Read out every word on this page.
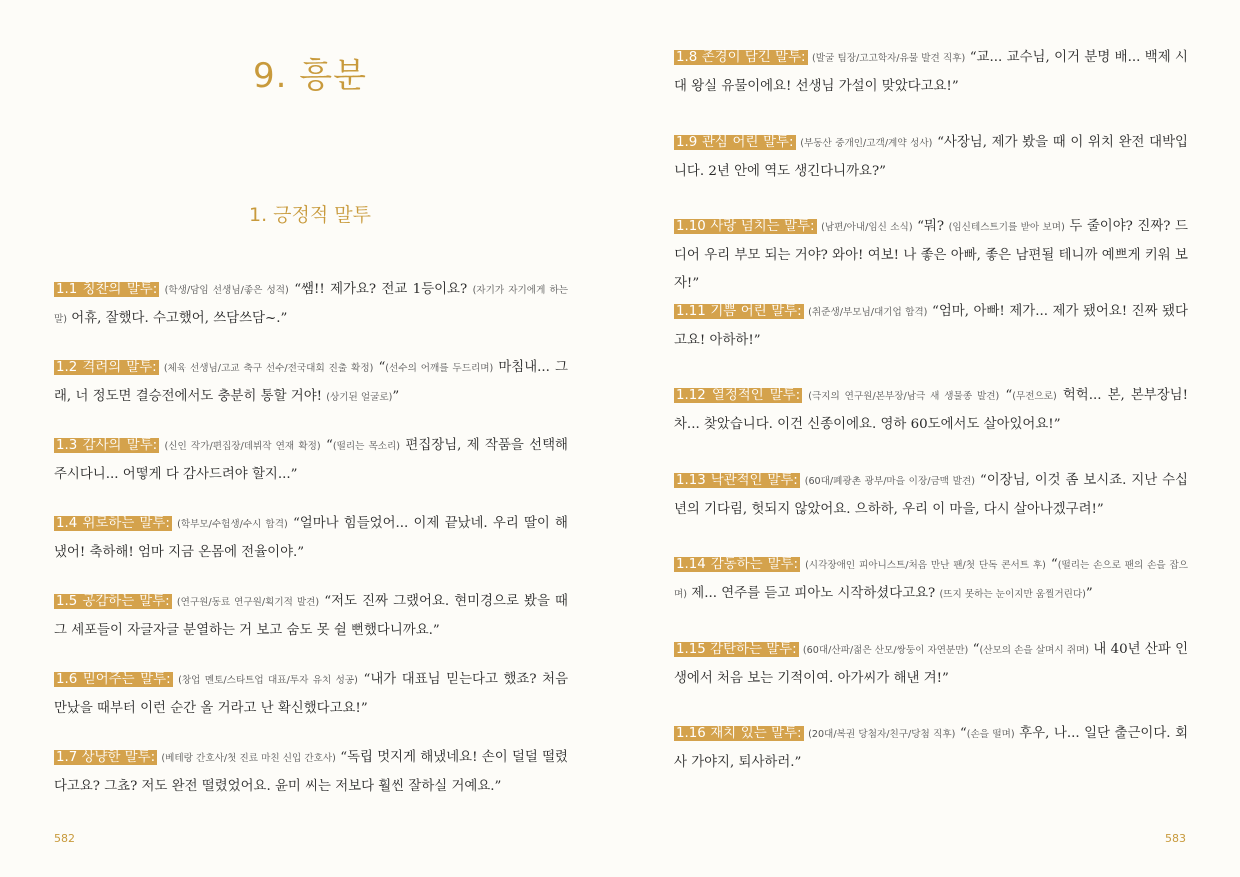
9. 흥분
1. 긍정적 말투
1.1 칭찬의 말투: (학생/담임 선생님/좋은 성적) “쌤!! 제가요? 전교 1등이요? (자기가 자기에게 하는 말) 어휴, 잘했다. 수고했어, 쓰담쓰담~.”
1.2 격려의 말투: (체육 선생님/고교 축구 선수/전국대회 진출 확정) “(선수의 어깨를 두드리며) 마침내... 그래, 너 정도면 결승전에서도 충분히 통할 거야! (상기된 얼굴로)”
1.3 감사의 말투: (신인 작가/편집장/데뷔작 연재 확정) “(떨리는 목소리) 편집장님, 제 작품을 선택해 주시다니... 어떻게 다 감사드려야 할지...”
1.4 위로하는 말투: (학부모/수험생/수시 합격) “얼마나 힘들었어... 이제 끝났네. 우리 딸이 해냈어! 축하해! 엄마 지금 온몸에 전율이야.”
1.5 공감하는 말투: (연구원/동료 연구원/획기적 발견) “저도 진짜 그랬어요. 현미경으로 봤을 때 그 세포들이 자글자글 분열하는 거 보고 숨도 못 쉴 뻔했다니까요.”
1.6 믿어주는 말투: (창업 멘토/스타트업 대표/투자 유치 성공) “내가 대표님 믿는다고 했죠? 처음 만났을 때부터 이런 순간 올 거라고 난 확신했다고요!”
1.7 상냥한 말투: (베테랑 간호사/첫 진료 마친 신입 간호사) “독립 멋지게 해냈네요! 손이 덜덜 떨렸다고요? 그쵸? 저도 완전 떨렸었어요. 윤미 씨는 저보다 훨씬 잘하실 거예요.”
582
1.8 존경이 담긴 말투: (발굴 팀장/고고학자/유물 발견 직후) “교... 교수님, 이거 분명 배... 백제 시대 왕실 유물이에요! 선생님 가설이 맞았다고요!”
1.9 관심 어린 말투: (부동산 중개인/고객/계약 성사) “사장님, 제가 봤을 때 이 위치 완전 대박입니다. 2년 안에 역도 생긴다니까요?”
1.10 사랑 넘치는 말투: (남편/아내/임신 소식) “뭐? (임신테스트기를 받아 보며) 두 줄이야? 진짜? 드디어 우리 부모 되는 거야? 와아! 여보! 나 좋은 아빠, 좋은 남편될 테니까 예쁘게 키워 보자!”
1.11 기쁨 어린 말투: (취준생/부모님/대기업 합격) “엄마, 아빠! 제가... 제가 됐어요! 진짜 됐다고요! 아하하!”
1.12 열정적인 말투: (극지의 연구원/본부장/남극 새 생물종 발견) “(무전으로) 헉헉... 본, 본부장님! 차... 찾았습니다. 이건 신종이에요. 영하 60도에서도 살아있어요!”
1.13 낙관적인 말투: (60대/폐광촌 광부/마을 이장/금맥 발견) “이장님, 이것 좀 보시죠. 지난 수십 년의 기다림, 헛되지 않았어요. 으하하, 우리 이 마을, 다시 살아나겠구려!”
1.14 감동하는 말투: (시각장애인 피아니스트/처음 만난 팬/첫 단독 콘서트 후) “(떨리는 손으로 팬의 손을 잡으며) 제... 연주를 듣고 피아노 시작하셨다고요? (뜨지 못하는 눈이지만 움찔거린다)”
1.15 감탄하는 말투: (60대/산파/젊은 산모/쌍둥이 자연분만) “(산모의 손을 살며시 쥐며) 내 40년 산파 인생에서 처음 보는 기적이여. 아가씨가 해낸 겨!”
1.16 재치 있는 말투: (20대/복권 당첨자/친구/당첨 직후) “(손을 떨며) 후우, 나... 일단 출근이다. 회사 가야지, 퇴사하러.”
583
